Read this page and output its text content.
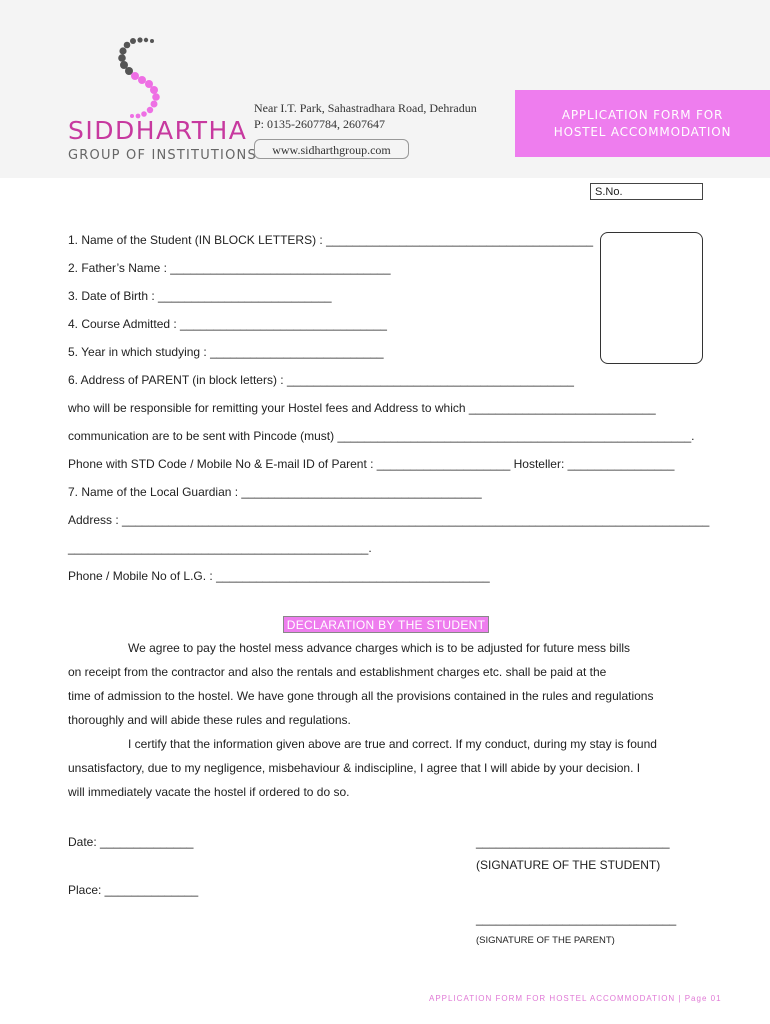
SIDDHARTHA
GROUP OF INSTITUTIONS
Near I.T. Park, Sahastradhara Road, Dehradun
P: 0135-2607784, 2607647
www.sidharthgroup.com
APPLICATION FORM FOR
HOSTEL ACCOMMODATION
S.No.
1. Name of the Student (IN BLOCK LETTERS) : ________________________________________
2. Father’s Name : _________________________________
3. Date of Birth : __________________________
4. Course Admitted : _______________________________
5. Year in which studying : __________________________
6. Address of PARENT (in block letters) : ___________________________________________
who will be responsible for remitting your Hostel fees and Address to which ____________________________
communication are to be sent with Pincode (must) _____________________________________________________.
Phone with STD Code / Mobile No & E-mail ID of Parent : ____________________ Hosteller: ________________
7. Name of the Local Guardian : ____________________________________
Address : ________________________________________________________________________________________
_____________________________________________.
Phone / Mobile No of L.G. : _________________________________________
DECLARATION BY THE STUDENT
We agree to pay the hostel mess advance charges which is to be adjusted for future mess bills
on receipt from the contractor and also the rentals and establishment charges etc. shall be paid at the
time of admission to the hostel. We have gone through all the provisions contained in the rules and regulations
thoroughly and will abide these rules and regulations.
I certify that the information given above are true and correct. If my conduct, during my stay is found
unsatisfactory, due to my negligence, misbehaviour & indiscipline, I agree that I will abide by your decision. I
will immediately vacate the hostel if ordered to do so.
Date: ______________
Place: ______________
_____________________________
(SIGNATURE OF THE STUDENT)
______________________________
(SIGNATURE OF THE PARENT)
APPLICATION FORM FOR HOSTEL ACCOMMODATION | Page 01
